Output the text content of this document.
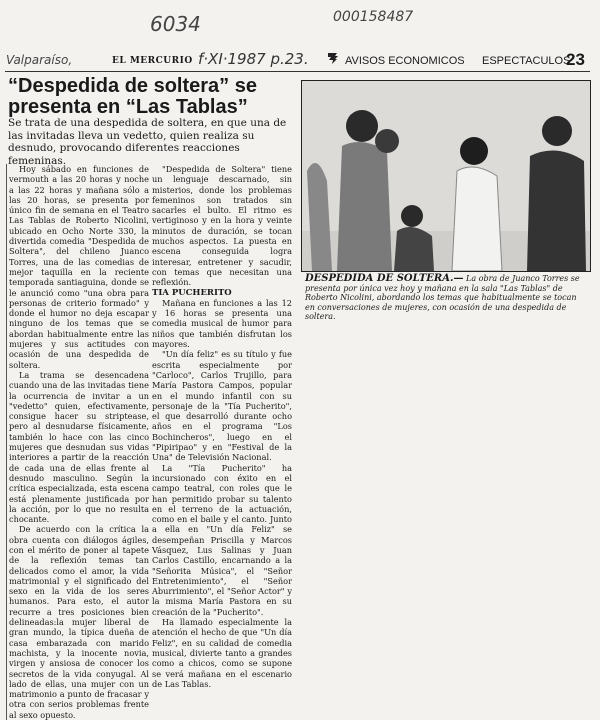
6034	000158487
Valparaíso,	EL MERCURIO f·XI·1987 p.23.	AVISOS ECONOMICOS ESPECTACULOS
23
“Despedida de soltera” se presenta en “Las Tablas”

Se trata de una despedida de soltera, en que una de las invitadas lleva un vedetto, quien realiza su desnudo, provocando diferentes reacciones femeninas.

Hoy sábado en funciones de vermouth a las 20 horas y noche a las 22 horas y mañana sólo a las 20 horas, se presenta por único fin de semana en el Teatro Las Tablas de Roberto Nicolini, ubicado en Ocho Norte 330, la divertida comedia "Despedida de Soltera", del chileno Juanco Torres, una de las comedias de mejor taquilla en la reciente temporada santiaguina, donde se le anunció como "una obra para personas de criterio formado" y donde el humor no deja escapar ninguno de los temas que se abordan habitualmente entre las mujeres y sus actitudes con ocasión de una despedida de soltera.

La trama se desencadena cuando una de las invitadas tiene la ocurrencia de invitar a un "vedetto" quien, efectivamente, consigue hacer su striptease, pero al desnudarse físicamente, también lo hace con las cinco mujeres que desnudan sus vidas interiores a partir de la reacción de cada una de ellas frente al desnudo masculino. Según la crítica especializada, esta escena está plenamente justificada por la acción, por lo que no resulta chocante.

De acuerdo con la crítica la obra cuenta con diálogos ágiles, con el mérito de poner al tapete de la reflexión temas tan delicados como el amor, la vida matrimonial y el significado del sexo en la vida de los seres humanos. Para esto, el autor recurre a tres posiciones bien delineadas:la mujer liberal de gran mundo, la típica dueña de casa embarazada con marido machista, y la inocente novia, virgen y ansiosa de conocer los secretos de la vida conyugal. Al lado de ellas, una mujer con un matrimonio a punto de fracasar y otra con serios problemas frente al sexo opuesto.

"Despedida de Soltera" tiene un lenguaje descarnado, sin misterios, donde los problemas femeninos son tratados sin sacarles el bulto. El ritmo es vertiginoso y en la hora y veinte minutos de duración, se tocan muchos aspectos. La puesta en escena conseguida logra interesar, entretener y sacudir, con temas que necesitan una reflexión.

TIA PUCHERITO

Mañana en funciones a las 12 y 16 horas se presenta una comedia musical de humor para niños que también disfrutan los mayores.

"Un día feliz" es su título y fue escrita especialmente por "Carloco", Carlos Trujillo, para María Pastora Campos, popular en el mundo infantil con su personaje de la "Tía Pucherito", el que desarrolló durante ocho años en el programa "Los Bochincheros", luego en el "Pipiripao" y en "Festival de la Una" de Televisión Nacional.

La "Tía Pucherito" ha incursionado con éxito en el campo teatral, con roles que le han permitido probar su talento en el terreno de la actuación, como en el baile y el canto. Junto a ella en "Un día Feliz" se desempeñan Priscilla y Marcos Vásquez, Lus Salinas y Juan Carlos Castillo, encarnando a la "Señorita Música", el "Señor Entretenimiento", el "Señor Aburrimiento", el "Señor Actor" y la misma María Pastora en su creación de la "Pucherito".

Ha llamado especialmente la atención el hecho de que "Un día Feliz", en su calidad de comedia musical, divierte tanto a grandes como a chicos, como se supone se verá mañana en el escenario de Las Tablas.

DESPEDIDA DE SOLTERA.— La obra de Juanco Torres se presenta por única vez hoy y mañana en la sala "Las Tablas" de Roberto Nicolini, abordando los temas que habitualmente se tocan en conversaciones de mujeres, con ocasión de una despedida de soltera.
